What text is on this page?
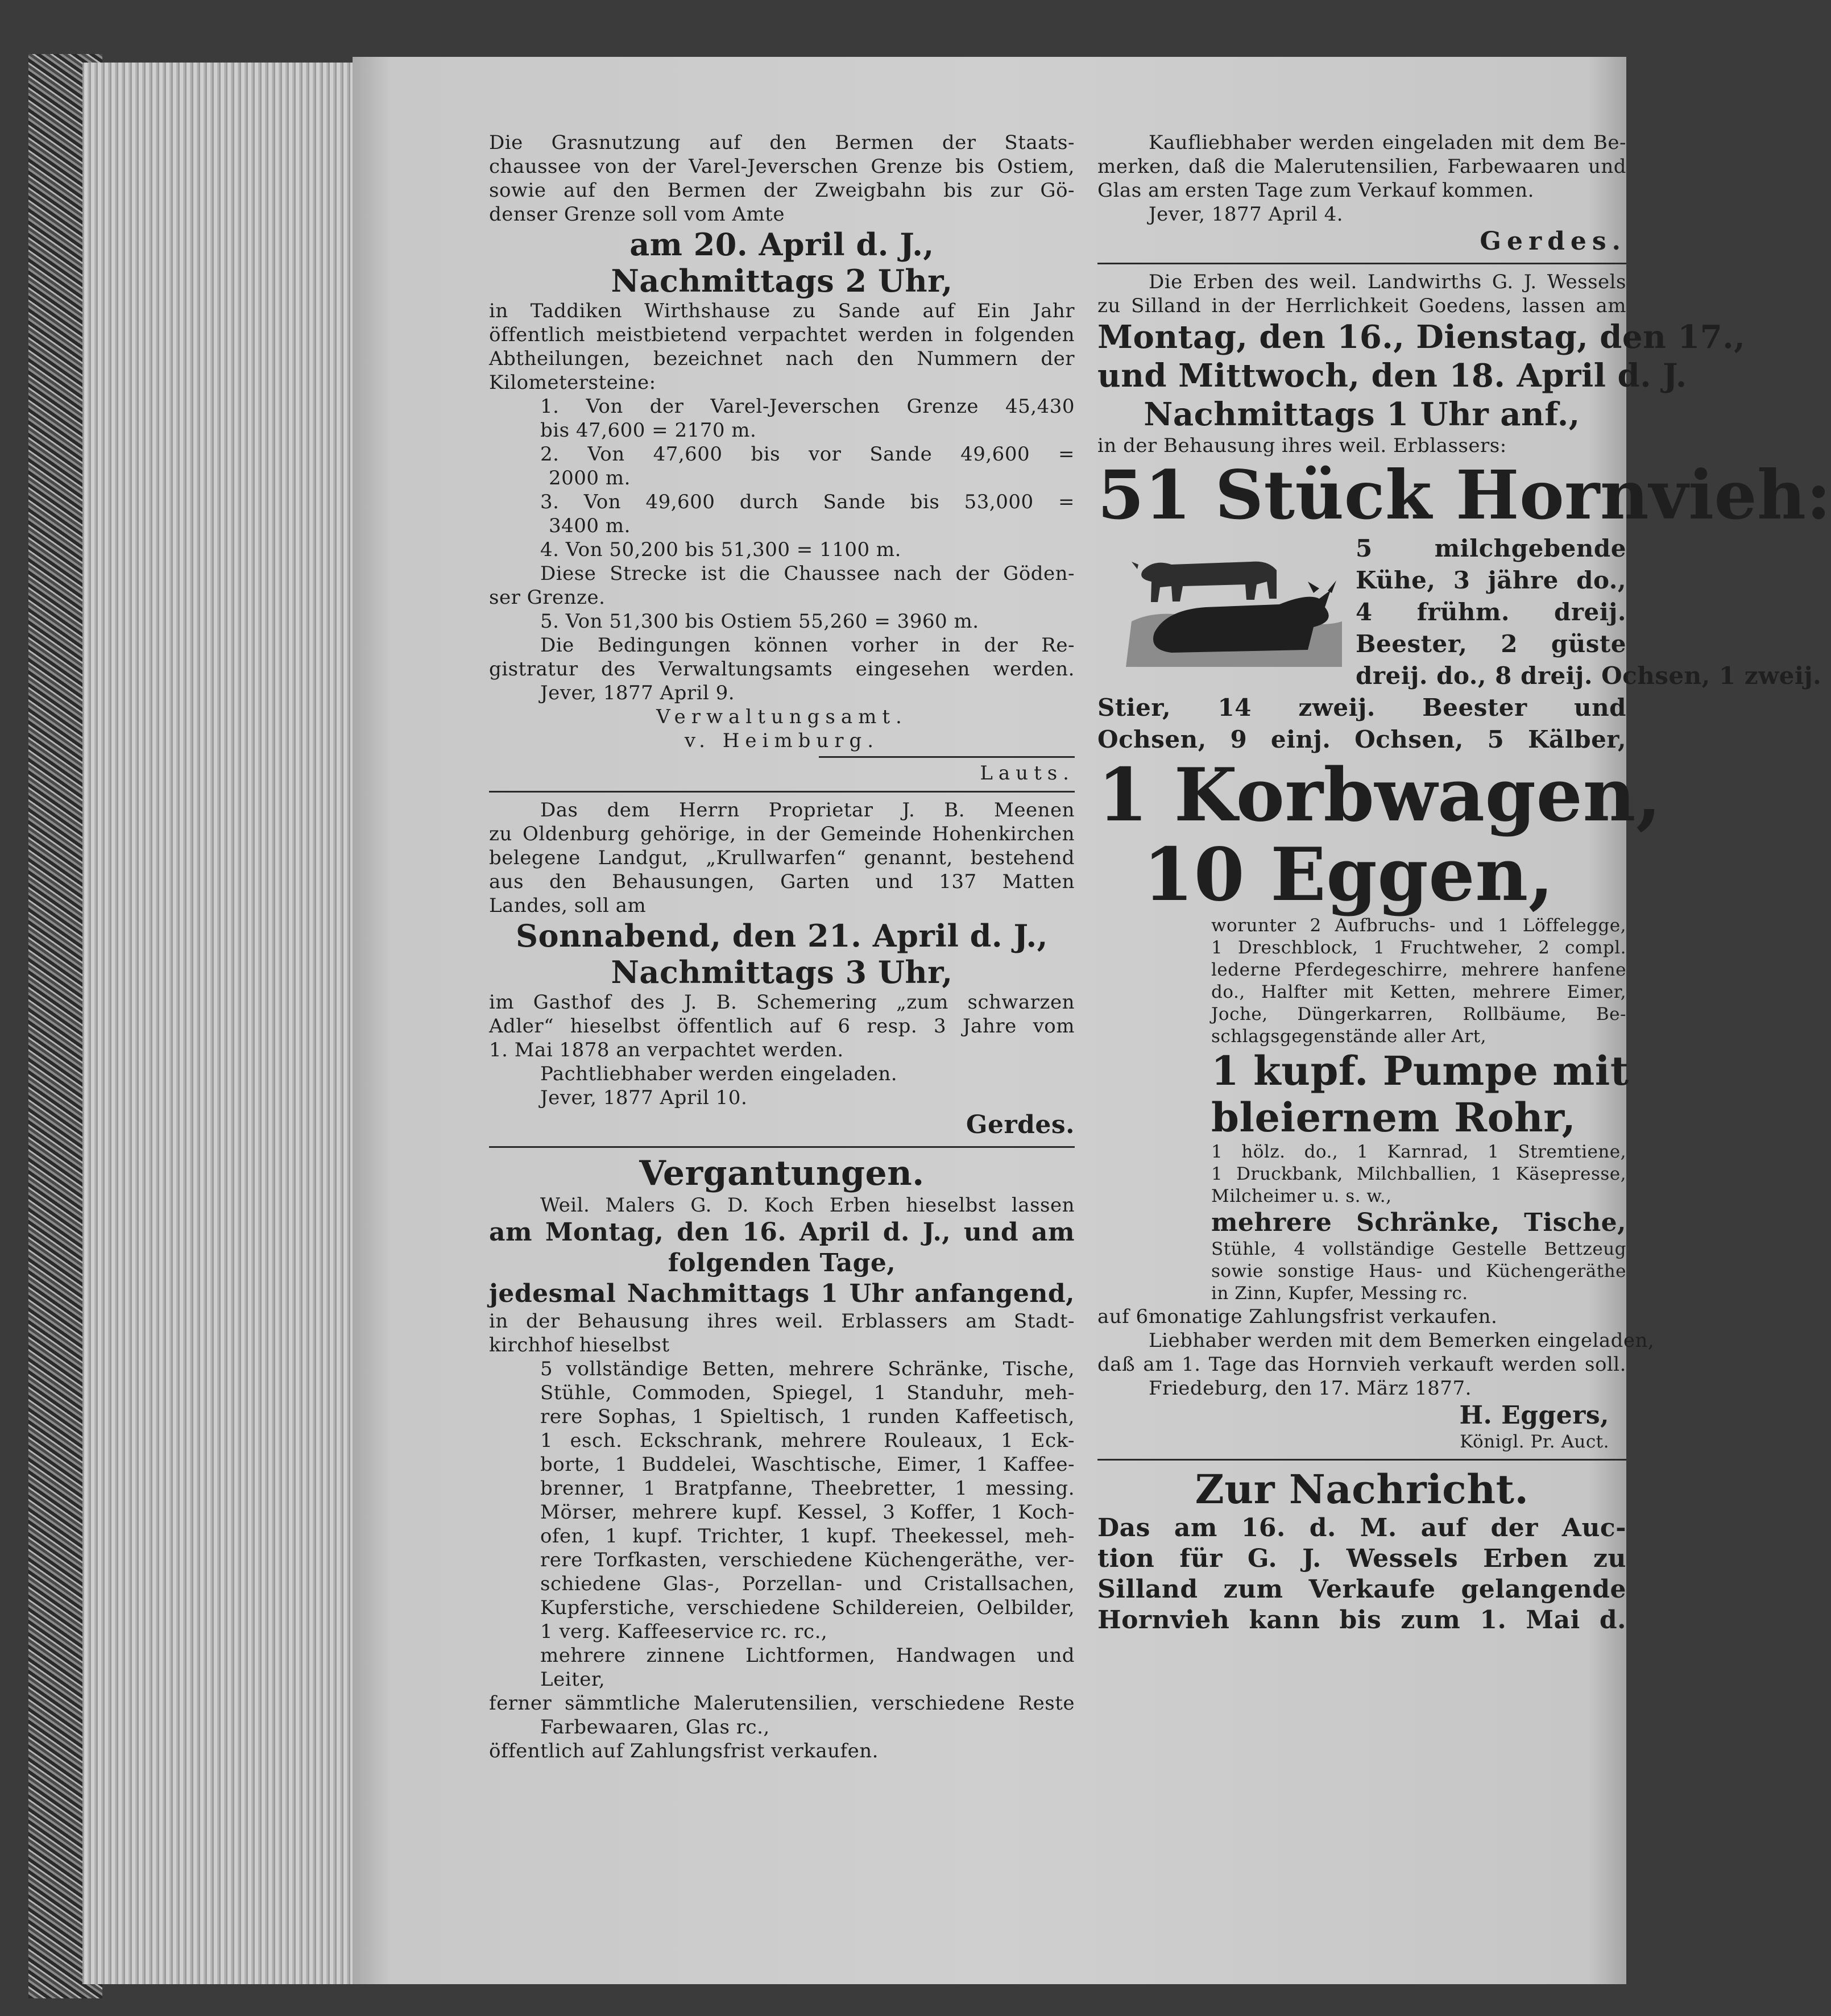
Die Grasnutzung auf den Bermen der Staats-

chaussee von der Varel-Jeverschen Grenze bis Ostiem,

sowie auf den Bermen der Zweigbahn bis zur Gö-

denser Grenze soll vom Amte

am 20. April d. J.,

Nachmittags 2 Uhr,

in Taddiken Wirthshause zu Sande auf Ein Jahr

öffentlich meistbietend verpachtet werden in folgenden

Abtheilungen, bezeichnet nach den Nummern der

Kilometersteine:

1. Von der Varel-Jeverschen Grenze 45,430

bis 47,600 = 2170 m.

2. Von 47,600 bis vor Sande 49,600 =

2000 m.

3. Von 49,600 durch Sande bis 53,000 =

3400 m.

4. Von 50,200 bis 51,300 = 1100 m.

Diese Strecke ist die Chaussee nach der Göden-

ser Grenze.

5. Von 51,300 bis Ostiem 55,260 = 3960 m.

Die Bedingungen können vorher in der Re-

gistratur des Verwaltungsamts eingesehen werden.

Jever, 1877 April 9.

Verwaltungsamt.

v. Heimburg.

Lauts.

Das dem Herrn Proprietar J. B. Meenen

zu Oldenburg gehörige, in der Gemeinde Hohenkirchen

belegene Landgut, „Krullwarfen“ genannt, bestehend

aus den Behausungen, Garten und 137 Matten

Landes, soll am

Sonnabend, den 21. April d. J.,

Nachmittags 3 Uhr,

im Gasthof des J. B. Schemering „zum schwarzen

Adler“ hieselbst öffentlich auf 6 resp. 3 Jahre vom

1. Mai 1878 an verpachtet werden.

Pachtliebhaber werden eingeladen.

Jever, 1877 April 10.

Gerdes.

Vergantungen.

Weil. Malers G. D. Koch Erben hieselbst lassen

am Montag, den 16. April d. J., und am

folgenden Tage,

jedesmal Nachmittags 1 Uhr anfangend,

in der Behausung ihres weil. Erblassers am Stadt-

kirchhof hieselbst

5 vollständige Betten, mehrere Schränke, Tische,

Stühle, Commoden, Spiegel, 1 Standuhr, meh-

rere Sophas, 1 Spieltisch, 1 runden Kaffeetisch,

1 esch. Eckschrank, mehrere Rouleaux, 1 Eck-

borte, 1 Buddelei, Waschtische, Eimer, 1 Kaffee-

brenner, 1 Bratpfanne, Theebretter, 1 messing.

Mörser, mehrere kupf. Kessel, 3 Koffer, 1 Koch-

ofen, 1 kupf. Trichter, 1 kupf. Theekessel, meh-

rere Torfkasten, verschiedene Küchengeräthe, ver-

schiedene Glas-, Porzellan- und Cristallsachen,

Kupferstiche, verschiedene Schildereien, Oelbilder,

1 verg. Kaffeeservice rc. rc.,

mehrere zinnene Lichtformen, Handwagen und

Leiter,

ferner sämmtliche Malerutensilien, verschiedene Reste

Farbewaaren, Glas rc.,

öffentlich auf Zahlungsfrist verkaufen.

Kaufliebhaber werden eingeladen mit dem Be-

merken, daß die Malerutensilien, Farbewaaren und

Glas am ersten Tage zum Verkauf kommen.

Jever, 1877 April 4.

Gerdes.

Die Erben des weil. Landwirths G. J. Wessels

zu Silland in der Herrlichkeit Goedens, lassen am

Montag, den 16., Dienstag, den 17.,

und Mittwoch, den 18. April d. J.

Nachmittags 1 Uhr anf.,

in der Behausung ihres weil. Erblassers:

51 Stück Hornvieh:

5 milchgebende

Kühe, 3 jähre do.,

4 frühm. dreij.

Beester, 2 güste

dreij. do., 8 dreij. Ochsen, 1 zweij.

Stier, 14 zweij. Beester und

Ochsen, 9 einj. Ochsen, 5 Kälber,

1 Korbwagen,

10 Eggen,

worunter 2 Aufbruchs- und 1 Löffelegge,

1 Dreschblock, 1 Fruchtweher, 2 compl.

lederne Pferdegeschirre, mehrere hanfene

do., Halfter mit Ketten, mehrere Eimer,

Joche, Düngerkarren, Rollbäume, Be-

schlagsgegenstände aller Art,

1 kupf. Pumpe mit

bleiernem Rohr,

1 hölz. do., 1 Karnrad, 1 Stremtiene,

1 Druckbank, Milchballien, 1 Käsepresse,

Milcheimer u. s. w.,

mehrere Schränke, Tische,

Stühle, 4 vollständige Gestelle Bettzeug

sowie sonstige Haus- und Küchengeräthe

in Zinn, Kupfer, Messing rc.

auf 6monatige Zahlungsfrist verkaufen.

Liebhaber werden mit dem Bemerken eingeladen,

daß am 1. Tage das Hornvieh verkauft werden soll.

Friedeburg, den 17. März 1877.

H. Eggers,

Königl. Pr. Auct.

Zur Nachricht.

Das am 16. d. M. auf der Auc-

tion für G. J. Wessels Erben zu

Silland zum Verkaufe gelangende

Hornvieh kann bis zum 1. Mai d.
